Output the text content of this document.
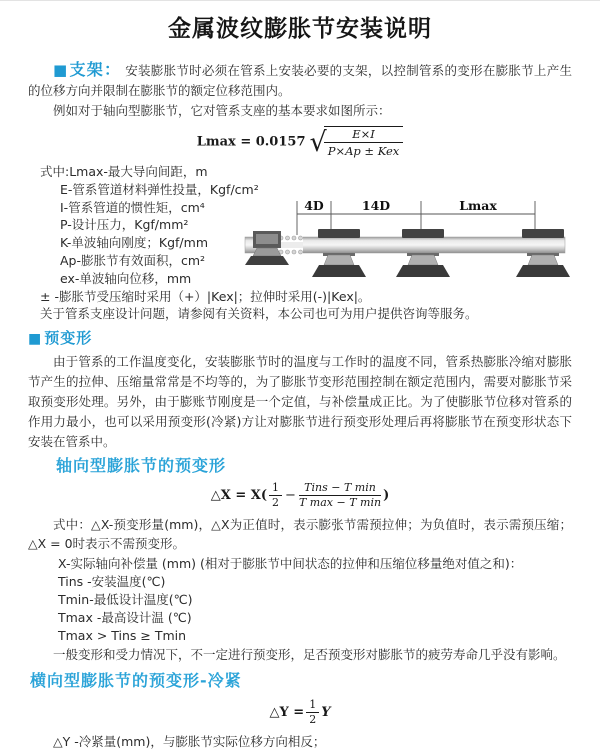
金属波纹膨胀节安装说明

■ 支架： 安装膨胀节时必须在管系上安装必要的支架，以控制管系的变形在膨胀节上产生的位移方向并限制在膨胀节的额定位移范围内。

例如对于轴向型膨胀节，它对管系支座的基本要求如图所示：

Lmax = 0.0157 √	E×I
P×Ap ± Kex
式中:Lmax-最大导向间距，m
E-管系管道材料弹性投量，Kgf/cm²
I-管系管道的惯性矩，cm⁴
P-设计压力，Kgf/mm²
K-单波轴向刚度；Kgf/mm
Ap-膨胀节有效面积，cm²
ex-单波轴向位移，mm
± -膨胀节受压缩时采用（+）|Kex|；拉伸时采用(-)|Kex|。
关于管系支座设计问题，请参阅有关资料，本公司也可为用户提供咨询等服务。
■ 预变形

由于管系的工作温度变化，安装膨胀节时的温度与工作时的温度不同，管系热膨胀冷缩对膨胀节产生的拉伸、压缩量常常是不均等的，为了膨胀节变形范围控制在额定范围内，需要对膨胀节采取预变形处理。另外，由于膨账节刚度是一个定值，与补偿量成正比。为了使膨胀节位移对管系的作用力最小，也可以采用预变形(冷紧)方让对膨胀节进行预变形处理后再将膨胀节在预变形状态下安装在管系中。

轴向型膨胀节的预变形
△X = $X( \frac{1}{2} - \frac{\text{Tins − T min}}{\text{T max − T min}}$ )

式中：△X-预变形量(mm)，△X为正值时，表示膨张节需预拉伸；为负值时，表示需预压缩；△X = 0时表示不需预变形。

X-实际轴向补偿量 (mm) (相对于膨胀节中间状态的拉伸和压缩位移量绝对值之和)：
Tins -安装温度(℃)
Tmin-最低设计温度(℃)
Tmax -最高设计温 (℃)
Tmax > Tins ≥ Tmin

一般变形和受力情况下，不一定进行预变形，足否预变形对膨胀节的疲劳寿命几乎没有影响。

横向型膨胀节的预变形-冷紧
△Y = $\frac{1}{2}$ Y

△Y -冷紧量(mm)，与膨胀节实际位移方向相反；

4D	14D	Lmax
